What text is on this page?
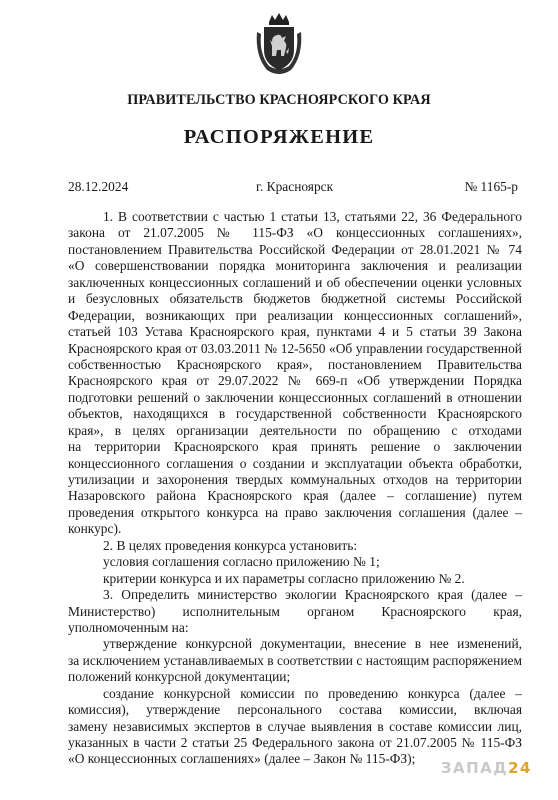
ПРАВИТЕЛЬСТВО КРАСНОЯРСКОГО КРАЯ
РАСПОРЯЖЕНИЕ
28.12.2024	г. Красноярск	№ 1165-р
1. В соответствии с частью 1 статьи 13, статьями 22, 36 Федерального
закона от 21.07.2005 № 115-ФЗ «О концессионных соглашениях»,
постановлением Правительства Российской Федерации от 28.01.2021 № 74
«О совершенствовании порядка мониторинга заключения и реализации
заключенных концессионных соглашений и об обеспечении оценки условных
и безусловных обязательств бюджетов бюджетной системы Российской
Федерации, возникающих при реализации концессионных соглашений»,
статьей 103 Устава Красноярского края, пунктами 4 и 5 статьи 39 Закона
Красноярского края от 03.03.2011 № 12-5650 «Об управлении государственной
собственностью Красноярского края», постановлением Правительства
Красноярского края от 29.07.2022 № 669-п «Об утверждении Порядка
подготовки решений о заключении концессионных соглашений в отношении
объектов, находящихся в государственной собственности Красноярского
края», в целях организации деятельности по обращению с отходами
на территории Красноярского края принять решение о заключении
концессионного соглашения о создании и эксплуатации объекта обработки,
утилизации и захоронения твердых коммунальных отходов на территории
Назаровского района Красноярского края (далее – соглашение) путем
проведения открытого конкурса на право заключения соглашения (далее –
конкурс).
2. В целях проведения конкурса установить:
условия соглашения согласно приложению № 1;
критерии конкурса и их параметры согласно приложению № 2.
3. Определить министерство экологии Красноярского края (далее –
Министерство) исполнительным органом Красноярского края,
уполномоченным на:
утверждение конкурсной документации, внесение в нее изменений,
за исключением устанавливаемых в соответствии с настоящим распоряжением
положений конкурсной документации;
создание конкурсной комиссии по проведению конкурса (далее –
комиссия), утверждение персонального состава комиссии, включая
замену независимых экспертов в случае выявления в составе комиссии лиц,
указанных в части 2 статьи 25 Федерального закона от 21.07.2005 № 115-ФЗ
«О концессионных соглашениях» (далее – Закон № 115-ФЗ);
ЗАПАД24
